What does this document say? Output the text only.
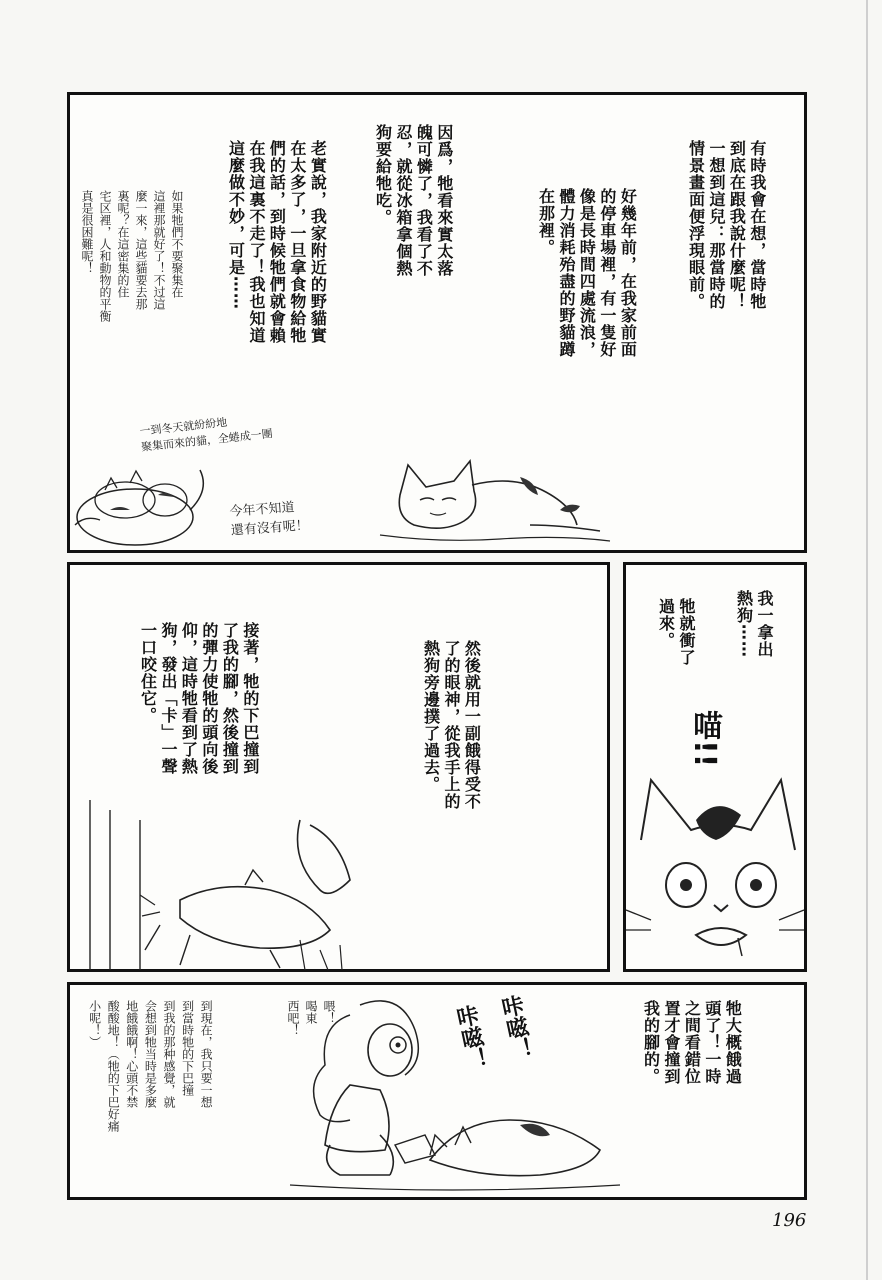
有時我會在想，當時牠
到底在跟我說什麼呢！
一想到這兒：那當時的
情景畫面便浮現眼前。
好幾年前，在我家前面
的停車場裡，有一隻好
像是長時間四處流浪，
體力消耗殆盡的野貓蹲
在那裡。
因爲，牠看來實太落
魄可憐了，我看了不
忍，就從冰箱拿個熱
狗要給牠吃。
老實說，我家附近的野貓實
在太多了，一旦拿食物給牠
們的話，到時候牠們就會賴
在我這裏不走了！我也知道
這麼做不妙，可是⋯⋯
如果牠們不要聚集在
這裡那就好了！不过這
麼一來，這些貓要去那
裏呢？在這密集的住
宅区裡，人和動物的平衡
真是很困難呢！
一到冬天就紛紛地
聚集而來的貓，全蜷成一團
今年不知道
還有沒有呢！
接著，牠的下巴撞到
了我的腳，然後撞到
的彈力使牠的頭向後
仰，這時牠看到了熱
狗，發出「卡」一聲
一口咬住它。	然後就用一副餓得受不
了的眼神，從我手上的
熱狗旁邊撲了過去。
我一拿出
熱狗⋯⋯
牠就衝了
過來。
喵!!
牠大概餓過
頭了！一時
之間看錯位
置才會撞到
我的腳的。
到現在，我只要一想
到當時牠的下巴撞
到我的那种感覺，就
会想到牠当時是多麼
地餓餓啊！心頭不禁
酸酸地！（牠的下巴好痛
小呢！）	喂！
喝東
西吧！	咔嗞！ 咔嗞！
196
